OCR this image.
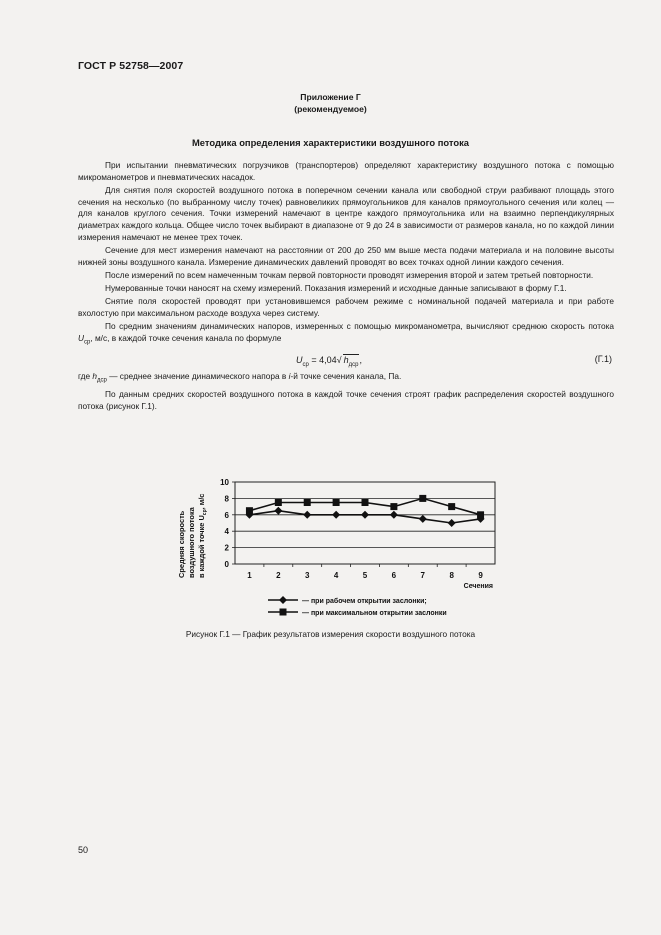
ГОСТ Р 52758—2007
Приложение Г
(рекомендуемое)
Методика определения характеристики воздушного потока

При испытании пневматических погрузчиков (транспортеров) определяют характеристику воздушного потока с помощью микроманометров и пневматических насадок.

Для снятия поля скоростей воздушного потока в поперечном сечении канала или свободной струи разбивают площадь этого сечения на несколько (по выбранному числу точек) равновеликих прямоугольников для каналов прямоугольного сечения или колец — для каналов круглого сечения. Точки измерений намечают в центре каждого прямоугольника или на взаимно перпендикулярных диаметрах каждого кольца. Общее число точек выбирают в диапазоне от 9 до 24 в зависимости от размеров канала, но по каждой линии измерения намечают не менее трех точек.

Сечение для мест измерения намечают на расстоянии от 200 до 250 мм выше места подачи материала и на половине высоты нижней зоны воздушного канала. Измерение динамических давлений проводят во всех точках одной линии каждого сечения.

После измерений по всем намеченным точкам первой повторности проводят измерения второй и затем третьей повторности.

Нумерованные точки наносят на схему измерений. Показания измерений и исходные данные записывают в форму Г.1.

Снятие поля скоростей проводят при установившемся рабочем режиме с номинальной подачей материала и при работе вхолостую при максимальном расходе воздуха через систему.

По средним значениям динамических напоров, измеренных с помощью микроманометра, вычисляют среднюю скорость потока $U_{ср}$, м/с, в каждой точке сечения канала по формуле

$U_{ср} = 4,04√$ $h_{дср}$,	(Г.1)

где $h_{дср}$ — среднее значение динамического напора в i-й точке сечения канала, Па.

По данным средних скоростей воздушного потока в каждой точке сечения строят график распределения скоростей воздушного потока (рисунок Г.1).

0
2
4
6
8
10
1	2	3	4	5	6	7	8	9
Сечения
Средняя скоростьвоздушного потокав каждой точке $U_{ср}$, м/с
— при рабочем открытии заслонки;
— при максимальном открытии заслонки
Рисунок Г.1 — График результатов измерения скорости воздушного потока
50
